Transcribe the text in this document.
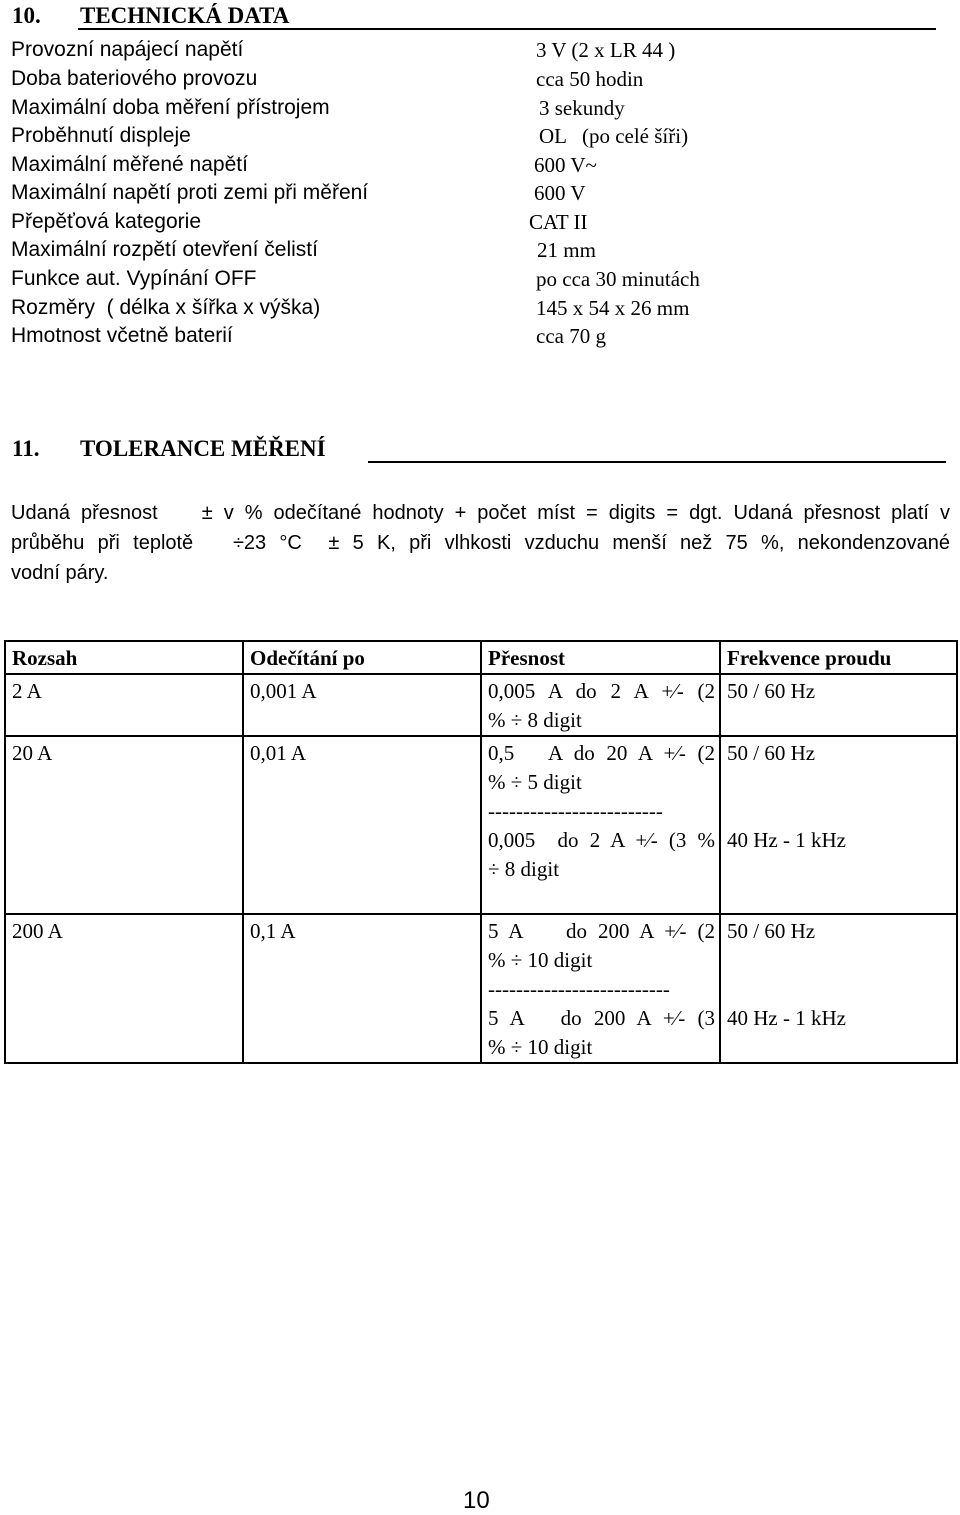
10. TECHNICKÁ DATA
Provozní napájecí napětí	3 V (2 x LR 44 )
Doba bateriového provozu	cca 50 hodin
Maximální doba měření přístrojem	3 sekundy
Proběhnutí displeje	OL   (po celé šíři)
Maximální měřené napětí	600 V~
Maximální napětí proti zemi při měření	600 V
Přepěťová kategorie	CAT II
Maximální rozpětí otevření čelistí	21 mm
Funkce aut. Vypínání OFF	po cca 30 minutách
Rozměry  ( délka x šířka x výška)	145 x 54 x 26 mm
Hmotnost včetně baterií	cca 70 g
11. TOLERANCE MĚŘENÍ
Udaná přesnost    ± v % odečítané hodnoty + počet míst = digits = dgt. Udaná přesnost platí v
průběhu při teplotě   ÷23 °C  ± 5 K, při vlhkosti vzduchu menší než 75 %, nekondenzované
vodní páry.
Rozsah	Odečítání po	Přesnost	Frekvence proudu

2 A	0,001 A	0,005 A do 2 A +⁄- (2
% ÷ 8 digit	50 / 60 Hz

20 A	0,01 A	0,5   A do 20 A +⁄- (2
% ÷ 5 digit
-------------------------
0,005  do 2 A +⁄- (3 %
÷ 8 digit	50 / 60 Hz
40 Hz - 1 kHz

200 A	0,1 A	5 A    do 200 A +⁄- (2
% ÷ 10 digit
--------------------------
5 A   do 200 A +⁄- (3
% ÷ 10 digit	50 / 60 Hz
40 Hz - 1 kHz
10
